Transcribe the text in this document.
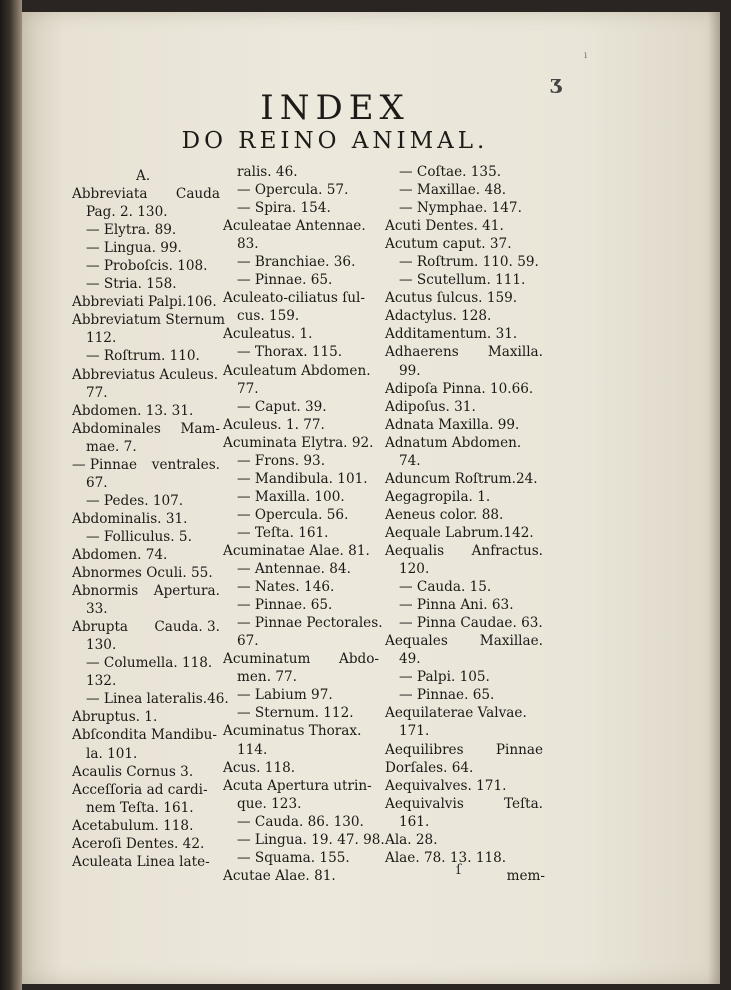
ı
ʒ
INDEX
DO REINO ANIMAL.
A.
Abbreviata Cauda
Pag. 2. 130.
— Elytra. 89.
— Lingua. 99.
— Proboſcis. 108.
— Stria. 158.
Abbreviati Palpi.106.
Abbreviatum Sternum
112.
— Roſtrum. 110.
Abbreviatus Aculeus.
77.
Abdomen. 13. 31.
Abdominales Mam-
mae. 7.
— Pinnae ventrales.
67.
— Pedes. 107.
Abdominalis. 31.
— Folliculus. 5.
Abdomen. 74.
Abnormes Oculi. 55.
Abnormis Apertura.
33.
Abrupta Cauda. 3.
130.
— Columella. 118.
132.
— Linea lateralis.46.
Abruptus. 1.
Abſcondita Mandibu-
la. 101.
Acaulis Cornus 3.
Acceſſoria ad cardi-
nem Teſta. 161.
Acetabulum. 118.
Aceroſi Dentes. 42.
Aculeata Linea late-
ralis. 46.
— Opercula. 57.
— Spira. 154.
Aculeatae Antennae.
83.
— Branchiae. 36.
— Pinnae. 65.
Aculeato-ciliatus ſul-
cus. 159.
Aculeatus. 1.
— Thorax. 115.
Aculeatum Abdomen.
77.
— Caput. 39.
Aculeus. 1. 77.
Acuminata Elytra. 92.
— Frons. 93.
— Mandibula. 101.
— Maxilla. 100.
— Opercula. 56.
— Teſta. 161.
Acuminatae Alae. 81.
— Antennae. 84.
— Nates. 146.
— Pinnae. 65.
— Pinnae Pectorales.
67.
Acuminatum Abdo-
men. 77.
— Labium 97.
— Sternum. 112.
Acuminatus Thorax.
114.
Acus. 118.
Acuta Apertura utrin-
que. 123.
— Cauda. 86. 130.
— Lingua. 19. 47. 98.
— Squama. 155.
Acutae Alae. 81.
— Coſtae. 135.
— Maxillae. 48.
— Nymphae. 147.
Acuti Dentes. 41.
Acutum caput. 37.
— Roſtrum. 110. 59.
— Scutellum. 111.
Acutus ſulcus. 159.
Adactylus. 128.
Additamentum. 31.
Adhaerens Maxilla.
99.
Adipoſa Pinna. 10.66.
Adipoſus. 31.
Adnata Maxilla. 99.
Adnatum Abdomen.
74.
Aduncum Roſtrum.24.
Aegagropila. 1.
Aeneus color. 88.
Aequale Labrum.142.
Aequalis Anfractus.
120.
— Cauda. 15.
— Pinna Ani. 63.
— Pinna Caudae. 63.
Aequales Maxillae.
49.
— Palpi. 105.
— Pinnae. 65.
Aequilaterae Valvae.
171.
Aequilibres Pinnae
Dorſales. 64.
Aequivalves. 171.
Aequivalvis	Teſta.
161.
Ala. 28.
Alae. 78. 13. 118.
mem-
ſ
